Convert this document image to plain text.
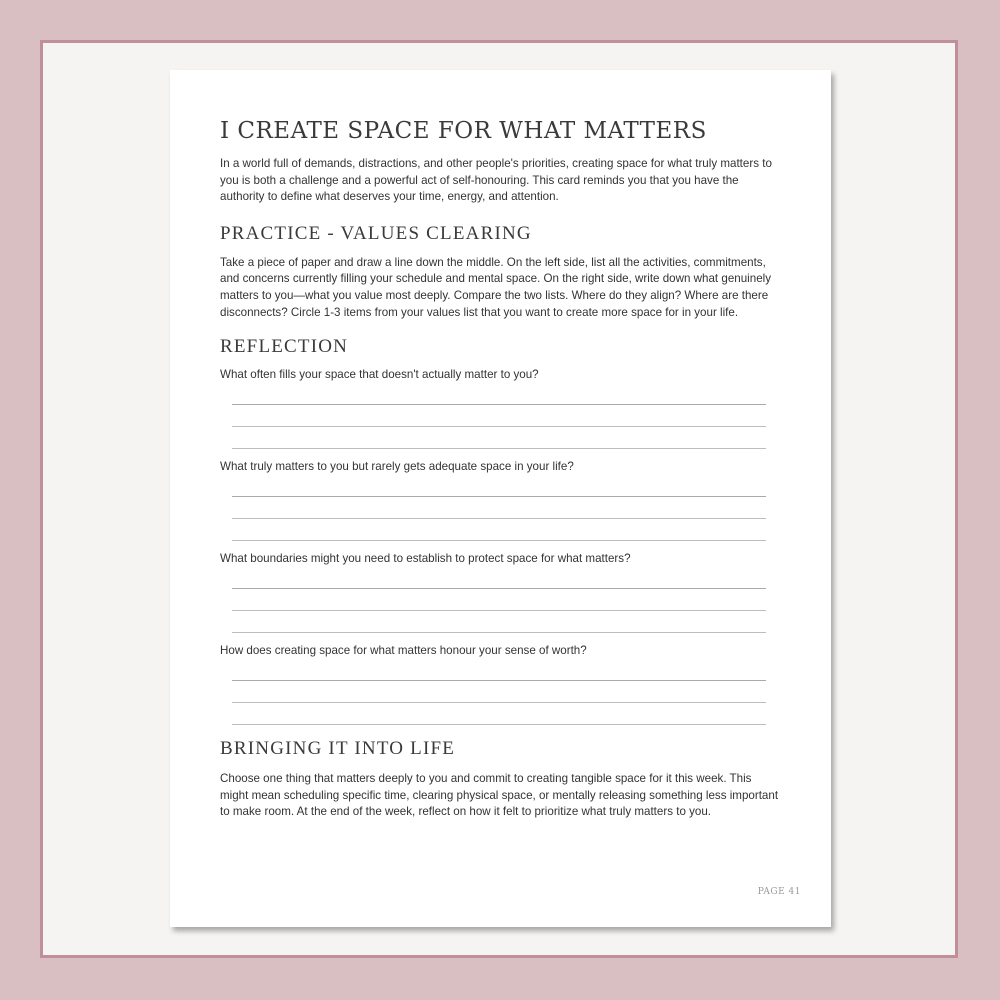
I CREATE SPACE FOR WHAT MATTERS

In a world full of demands, distractions, and other people's priorities, creating space for what truly matters to you is both a challenge and a powerful act of self-honouring. This card reminds you that you have the authority to define what deserves your time, energy, and attention.

PRACTICE - VALUES CLEARING

Take a piece of paper and draw a line down the middle. On the left side, list all the activities, commitments, and concerns currently filling your schedule and mental space. On the right side, write down what genuinely matters to you—what you value most deeply. Compare the two lists. Where do they align? Where are there disconnects? Circle 1-3 items from your values list that you want to create more space for in your life.

REFLECTION

What often fills your space that doesn't actually matter to you?

What truly matters to you but rarely gets adequate space in your life?

What boundaries might you need to establish to protect space for what matters?

How does creating space for what matters honour your sense of worth?

BRINGING IT INTO LIFE

Choose one thing that matters deeply to you and commit to creating tangible space for it this week. This might mean scheduling specific time, clearing physical space, or mentally releasing something less important to make room. At the end of the week, reflect on how it felt to prioritize what truly matters to you.

PAGE 41
